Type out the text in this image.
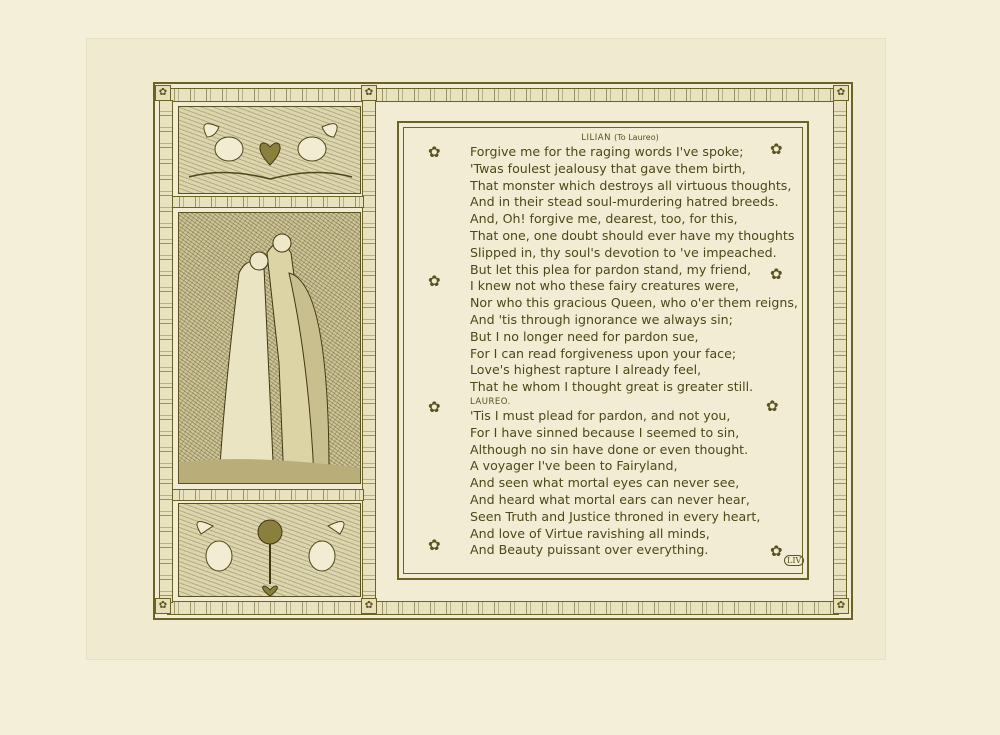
✿	✿
✿	✿
✿
✿
✿	✿
✿	✿
✿	✿
✿	✿
LILIAN (To Laureo)
Forgive me for the raging words I've spoke;
'Twas foulest jealousy that gave them birth,
That monster which destroys all virtuous thoughts,
And in their stead soul-murdering hatred breeds.
And, Oh! forgive me, dearest, too, for this,
That one, one doubt should ever have my thoughts
Slipped in, thy soul's devotion to 've impeached.
But let this plea for pardon stand, my friend,
I knew not who these fairy creatures were,
Nor who this gracious Queen, who o'er them reigns,
And 'tis through ignorance we always sin;
But I no longer need for pardon sue,
For I can read forgiveness upon your face;
Love's highest rapture I already feel,
That he whom I thought great is greater still.
LAUREO.
'Tis I must plead for pardon, and not you,
For I have sinned because I seemed to sin,
Although no sin have done or even thought.
A voyager I've been to Fairyland,
And seen what mortal eyes can never see,
And heard what mortal ears can never hear,
Seen Truth and Justice throned in every heart,
And love of Virtue ravishing all minds,
And Beauty puissant over everything.
LIV
